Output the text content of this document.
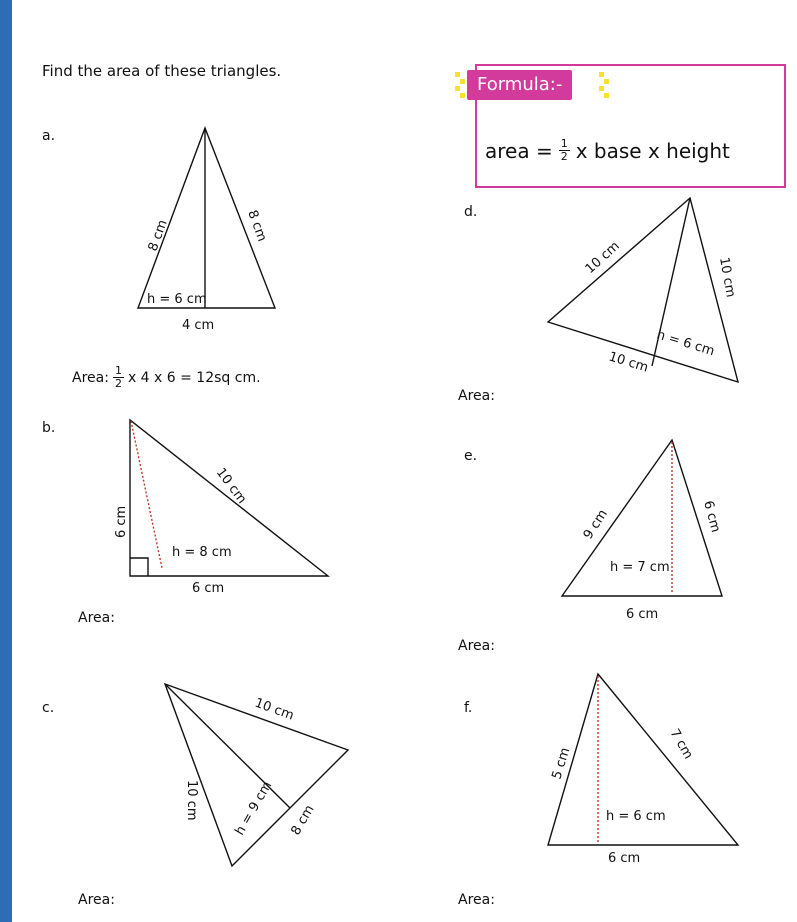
Find the area of these triangles.
Formula:-
area = $\frac{1}{2}$ x base x height
a.
b.
c.
d.
e.
f.
Area: $\frac{1}{2}$ x 4 x 6 = 12sq cm.
Area:
Area:
Area:
Area:
Area:
8 cm	8 cm
h = 6 cm
4 cm
6 cm
10 cm
h = 8 cm
6 cm
10 cm
10 cm	h = 9 cm 8 cm
10 cm	10 cm
h = 6 cm
10 cm
9 cm	6 cm
h = 7 cm
6 cm
5 cm
7 cm
h = 6 cm
6 cm
